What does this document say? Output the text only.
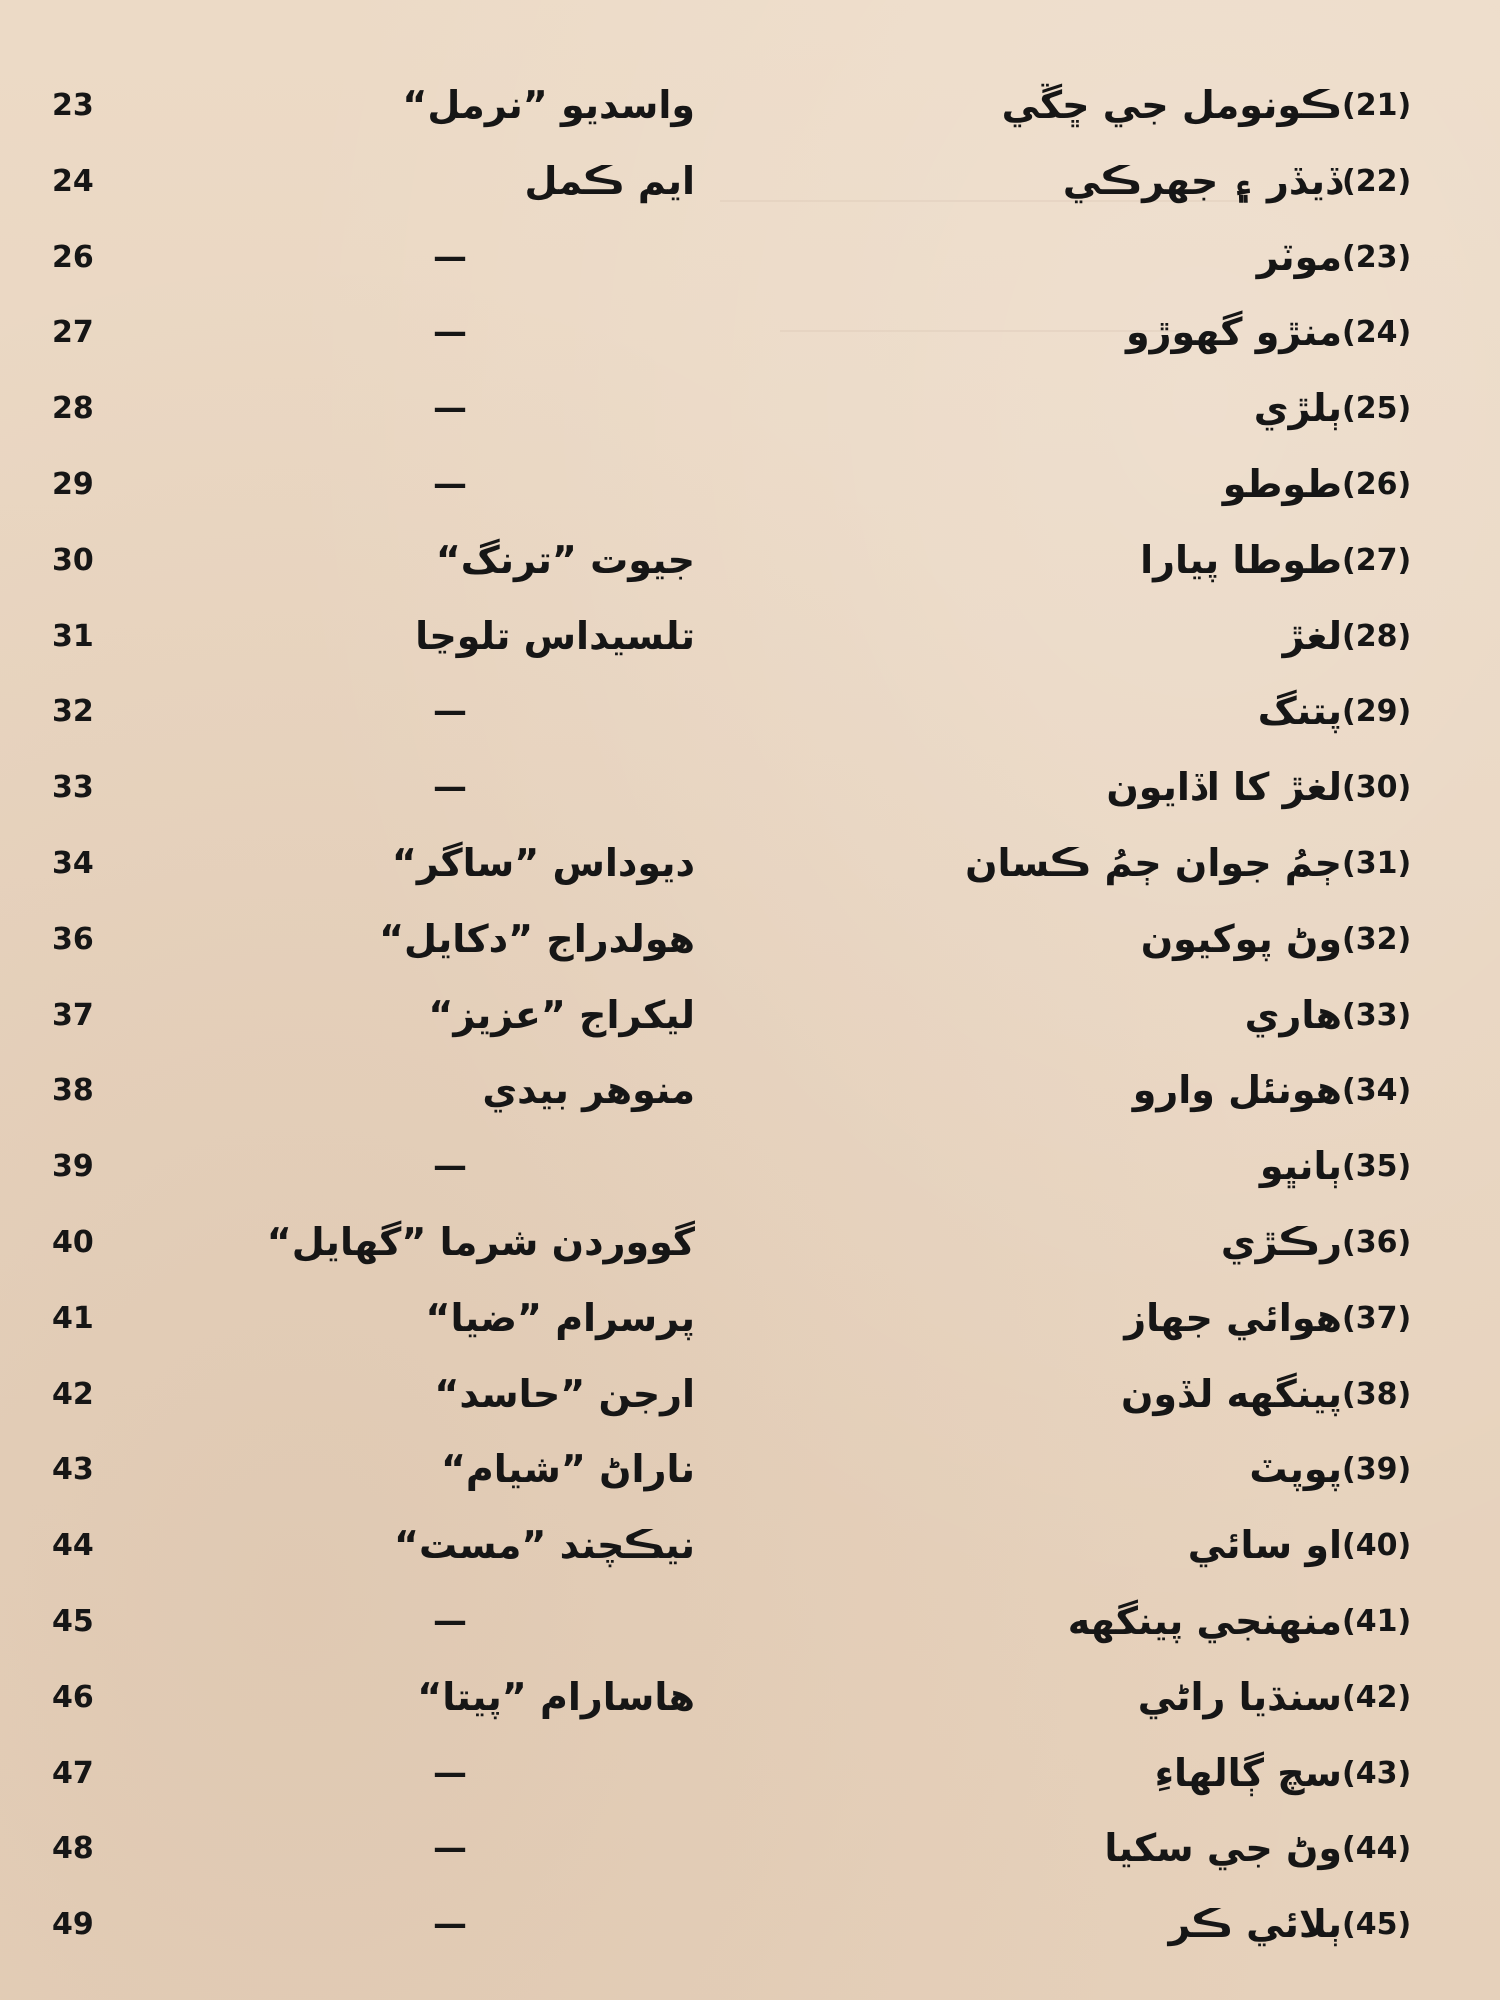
23	واسديو ”نرمل“	ڪونومل جي ڇڱي (21)
24	ايم ڪمل	ڏيڏر ۽ جهرڪي (22)
26	—	موٽر (23)
27	—	منڙو گهوڙو (24)
28	—	ٻلڙي (25)
29	—	طوطو (26)
30	جيوت ”ترنگ“	طوطا پيارا (27)
31	تلسيداس تلوڃا	لغڙ (28)
32	—	پتنگ (29)
33	—	لغڙ کا اڏايون (30)
34	ديوداس ”ساگر“	ڄمُ جوان ڄمُ ڪسان (31)
36	هولدراج ”دکايل“	وڻ پوکيون (32)
37	ليکراج ”عزيز“	هاري (33)
38	منوهر بيدي	هونئل وارو (34)
39	—	ٻانڀو (35)
40	گووردن شرما ”گهايل“	رڪڙي (36)
41	پرسرام ”ضيا“	هوائي جهاز (37)
42	ارجن ”حاسد“	پينگهه لڏون (38)
43	ناراڻ ”شيام“	پوپٽ (39)
44	نيڪچند ”مست“	او سائي (40)
45	—	منهنجي پينگهه (41)
46	هاسارام ”پيتا“	سنڌيا راڻي (42)
47	—	سچ ڳالهاءِ (43)
48	—	وڻ جي سکيا (44)
49	—	ٻلائي ڪر (45)
